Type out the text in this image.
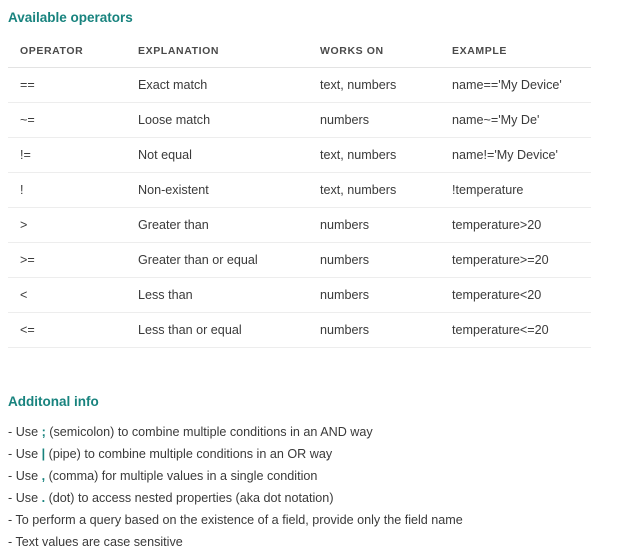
Available operators
OPERATOR	EXPLANATION	WORKS ON	EXAMPLE
==	Exact match	text, numbers	name=='My Device'
~=	Loose match	numbers	name~='My De'
!=	Not equal	text, numbers	name!='My Device'
!	Non-existent	text, numbers	!temperature
>	Greater than	numbers	temperature>20
>=	Greater than or equal	numbers	temperature>=20
<	Less than	numbers	temperature<20
<=	Less than or equal	numbers	temperature<=20
Additonal info
- Use ; (semicolon) to combine multiple conditions in an AND way
- Use | (pipe) to combine multiple conditions in an OR way
- Use , (comma) for multiple values in a single condition
- Use . (dot) to access nested properties (aka dot notation)
- To perform a query based on the existence of a field, provide only the field name
- Text values are case sensitive
